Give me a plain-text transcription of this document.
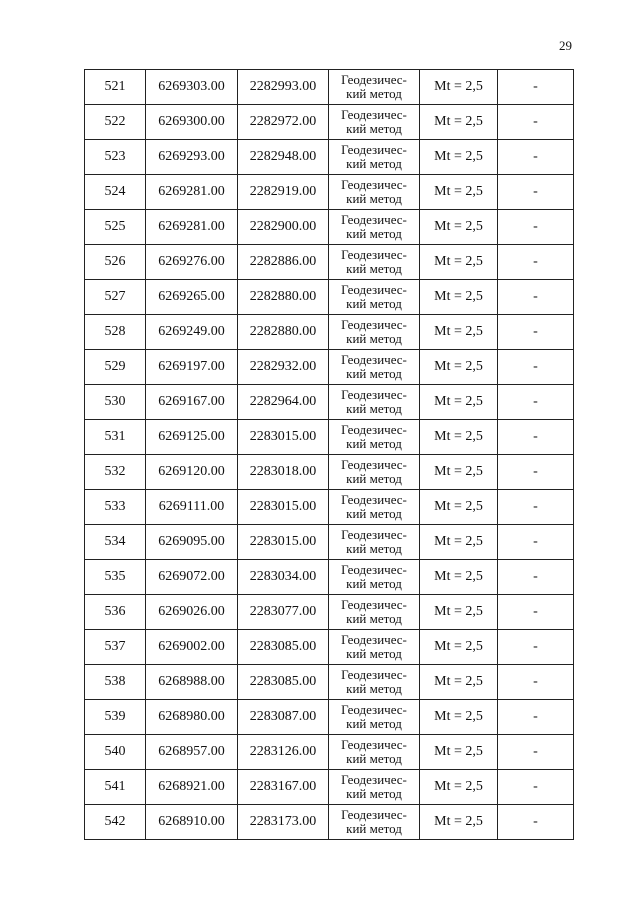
29
521	6269303.00	2282993.00	Геодезичес-
кий метод	Mt = 2,5	-
522	6269300.00	2282972.00	Геодезичес-
кий метод	Mt = 2,5	-
523	6269293.00	2282948.00	Геодезичес-
кий метод	Mt = 2,5	-
524	6269281.00	2282919.00	Геодезичес-
кий метод	Mt = 2,5	-
525	6269281.00	2282900.00	Геодезичес-
кий метод	Mt = 2,5	-
526	6269276.00	2282886.00	Геодезичес-
кий метод	Mt = 2,5	-
527	6269265.00	2282880.00	Геодезичес-
кий метод	Mt = 2,5	-
528	6269249.00	2282880.00	Геодезичес-
кий метод	Mt = 2,5	-
529	6269197.00	2282932.00	Геодезичес-
кий метод	Mt = 2,5	-
530	6269167.00	2282964.00	Геодезичес-
кий метод	Mt = 2,5	-
531	6269125.00	2283015.00	Геодезичес-
кий метод	Mt = 2,5	-
532	6269120.00	2283018.00	Геодезичес-
кий метод	Mt = 2,5	-
533	6269111.00	2283015.00	Геодезичес-
кий метод	Mt = 2,5	-
534	6269095.00	2283015.00	Геодезичес-
кий метод	Mt = 2,5	-
535	6269072.00	2283034.00	Геодезичес-
кий метод	Mt = 2,5	-
536	6269026.00	2283077.00	Геодезичес-
кий метод	Mt = 2,5	-
537	6269002.00	2283085.00	Геодезичес-
кий метод	Mt = 2,5	-
538	6268988.00	2283085.00	Геодезичес-
кий метод	Mt = 2,5	-
539	6268980.00	2283087.00	Геодезичес-
кий метод	Mt = 2,5	-
540	6268957.00	2283126.00	Геодезичес-
кий метод	Mt = 2,5	-
541	6268921.00	2283167.00	Геодезичес-
кий метод	Mt = 2,5	-
542	6268910.00	2283173.00	Геодезичес-
кий метод	Mt = 2,5	-
